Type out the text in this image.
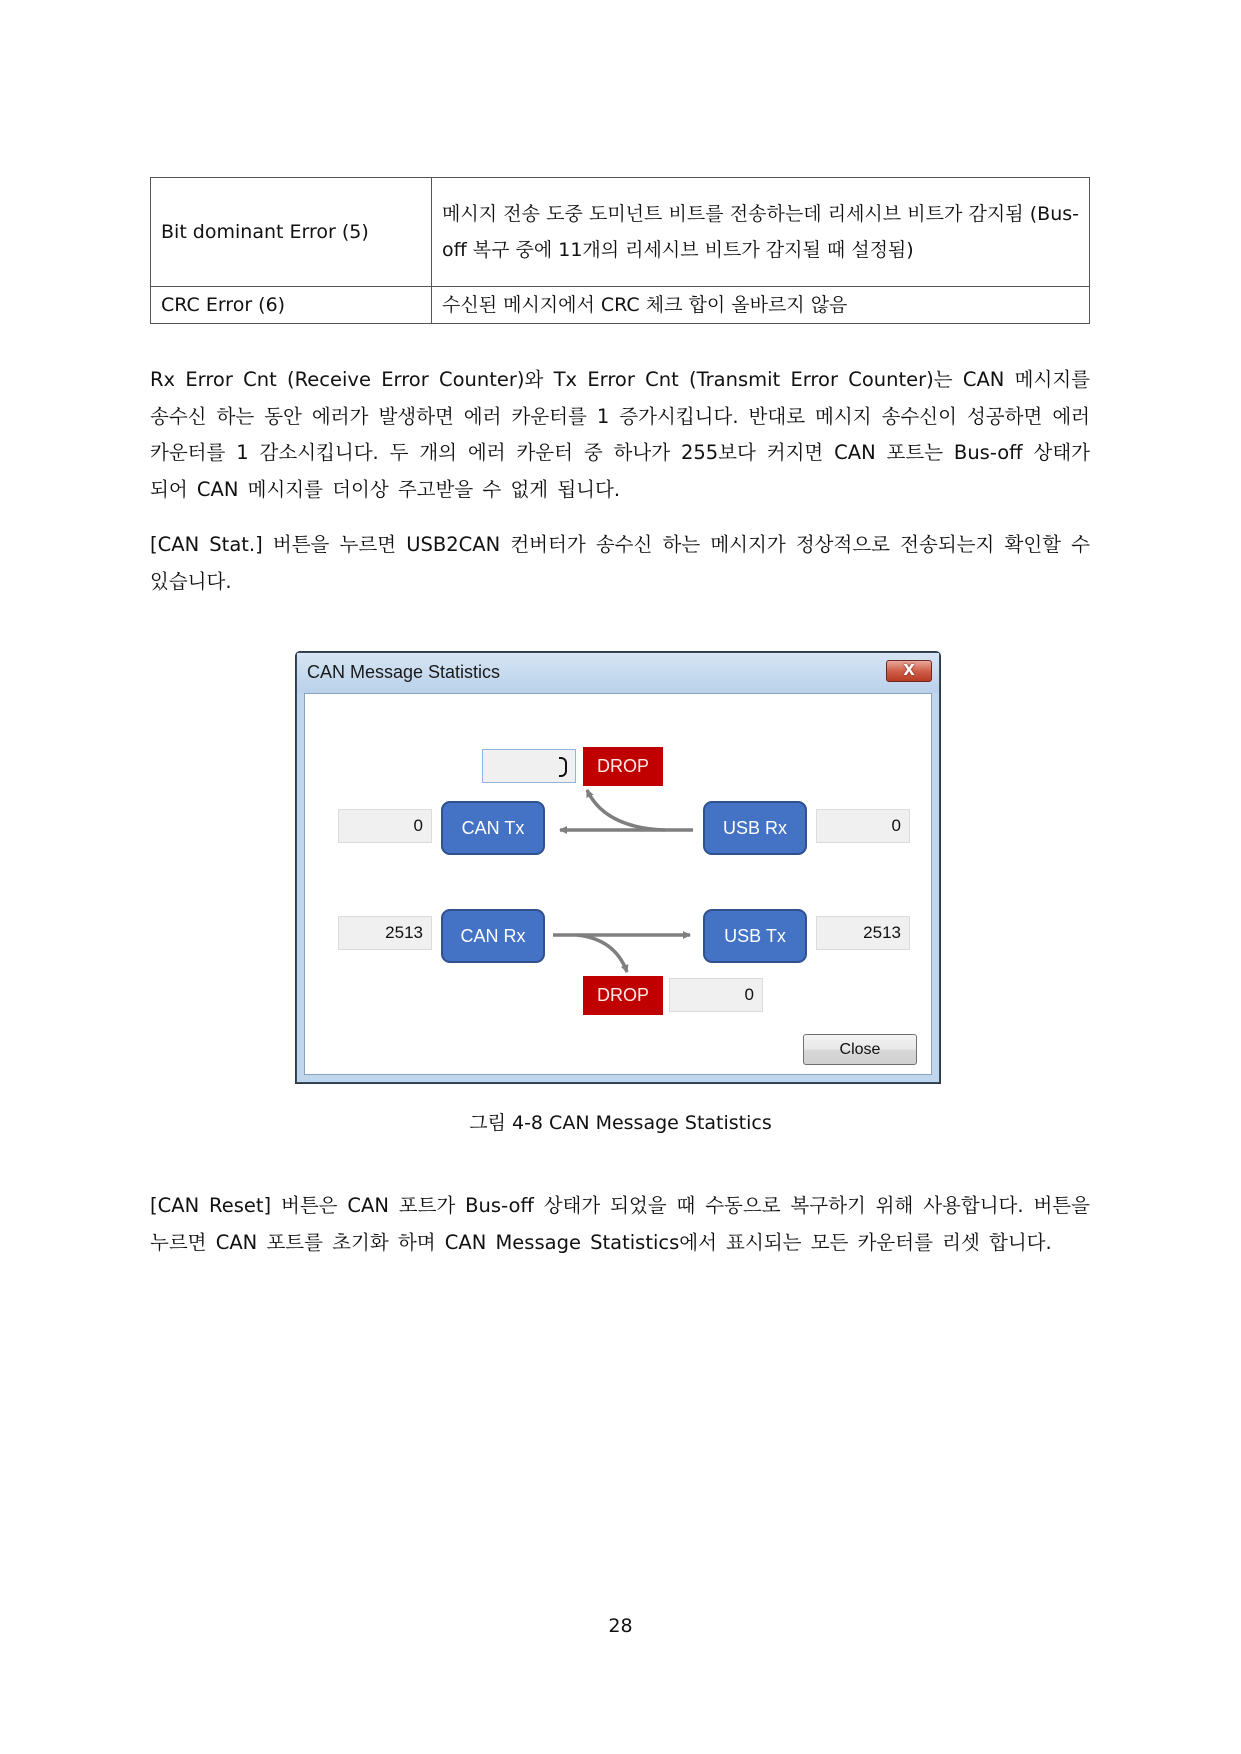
Bit dominant Error (5)	메시지 전송 도중 도미넌트 비트를 전송하는데 리세시브 비트가 감지됨 (Bus-off 복구 중에 11개의 리세시브 비트가 감지될 때 설정됨)
CRC Error (6)	수신된 메시지에서 CRC 체크 합이 올바르지 않음

Rx Error Cnt (Receive Error Counter)와 Tx Error Cnt (Transmit Error Counter)는 CAN 메시지를 송수신 하는 동안 에러가 발생하면 에러 카운터를 1 증가시킵니다. 반대로 메시지 송수신이 성공하면 에러 카운터를 1 감소시킵니다. 두 개의 에러 카운터 중 하나가 255보다 커지면 CAN 포트는 Bus-off 상태가 되어 CAN 메시지를 더이상 주고받을 수 없게 됩니다.

[CAN Stat.] 버튼을 누르면 USB2CAN 컨버터가 송수신 하는 메시지가 정상적으로 전송되는지 확인할 수 있습니다.

CAN Message Statistics	X
DROP
0	CAN Tx	USB Rx	0
2513	CAN Rx	USB Tx	2513
DROP	0
Close
그림 4-8 CAN Message Statistics

[CAN Reset] 버튼은 CAN 포트가 Bus-off 상태가 되었을 때 수동으로 복구하기 위해 사용합니다. 버튼을 누르면 CAN 포트를 초기화 하며 CAN Message Statistics에서 표시되는 모든 카운터를 리셋 합니다.

28
